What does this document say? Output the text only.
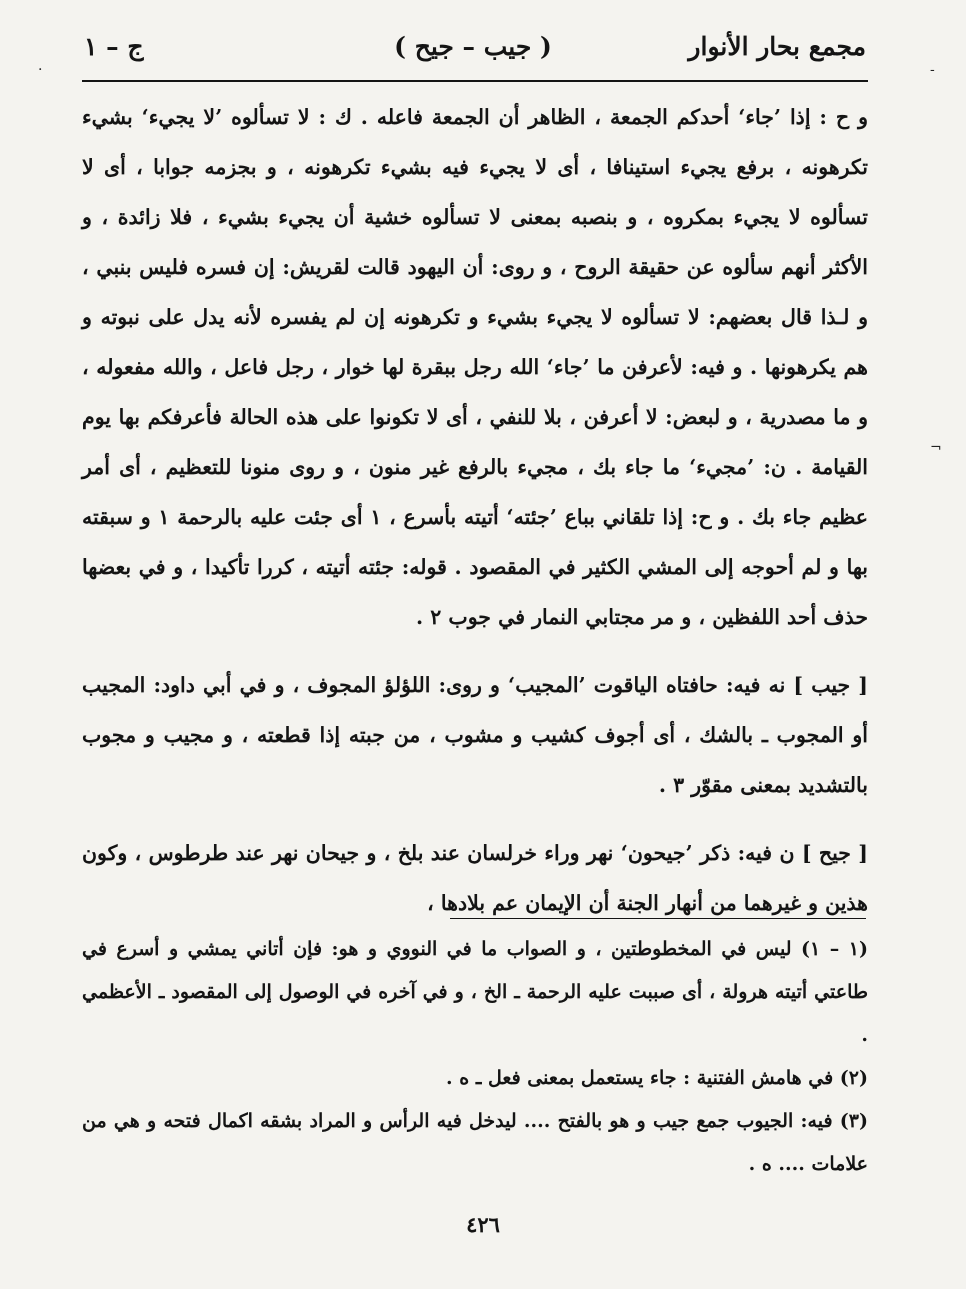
مجمع بحار الأنوار
( جيب – جيح )
ج – ١

و ح : إذا ’جاء‘ أحدكم الجمعة ، الظاهر أن الجمعة فاعله . ك : لا تسألوه ’لا يجيء‘ بشيء تكرهونه ، برفع يجيء استينافا ، أى لا يجيء فيه بشيء تكرهونه ، و بجزمه جوابا ، أى لا تسألوه لا يجيء بمكروه ، و بنصبه بمعنى لا تسألوه خشية أن يجيء بشيء ، فلا زائدة ، و الأكثر أنهم سألوه عن حقيقة الروح ، و روى: أن اليهود قالت لقريش: إن فسره فليس بنبي ، و لـذا قال بعضهم: لا تسألوه لا يجيء بشيء و تكرهونه إن لم يفسره لأنه يدل على نبوته و هم يكرهونها . و فيه: لأعرفن ما ’جاء‘ الله رجل ببقرة لها خوار ، رجل فاعل ، والله مفعوله ، و ما مصدرية ، و لبعض: لا أعرفن ، بلا للنفي ، أى لا تكونوا على هذه الحالة فأعرفكم بها يوم القيامة . ن: ’مجيء‘ ما جاء بك ، مجيء بالرفع غير منون ، و روى منونا للتعظيم ، أى أمر عظيم جاء بك . و ح: إذا تلقاني بباع ’جئته‘ أتيته بأسرع ، ١ أى جئت عليه بالرحمة ١ و سبقته بها و لم أحوجه إلى المشي الكثير في المقصود . قوله: جئته أتيته ، كررا تأكيدا ، و في بعضها حذف أحد اللفظين ، و مر مجتابي النمار في جوب ٢ .

[ جيب ] نه فيه: حافتاه الياقوت ’المجيب‘ و روى: اللؤلؤ المجوف ، و في أبي داود: المجيب أو المجوب ـ بالشك ، أى أجوف كشيب و مشوب ، من جبته إذا قطعته ، و مجيب و مجوب بالتشديد بمعنى مقوّر ٣ .

[ جيح ] ن فيه: ذكر ’جيحون‘ نهر وراء خرلسان عند بلخ ، و جيحان نهر عند طرطوس ، وكون هذين و غيرهما من أنهار الجنة أن الإيمان عم بلادها ،

(١ – ١) ليس في المخطوطتين ، و الصواب ما في النووي و هو: فإن أتاني يمشي و أسرع في طاعتي أتيته هرولة ، أى صببت عليه الرحمة ـ الخ ، و في آخره في الوصول إلى المقصود ـ الأعظمي .

(٢) في هامش الفتنية : جاء يستعمل بمعنى فعل ـ ه .

(٣) فيه: الجيوب جمع جيب و هو بالفتح .... ليدخل فيه الرأس و المراد بشقه اكمال فتحه و هي من علامات .... ه .

٤٢٦
.	-
¬
